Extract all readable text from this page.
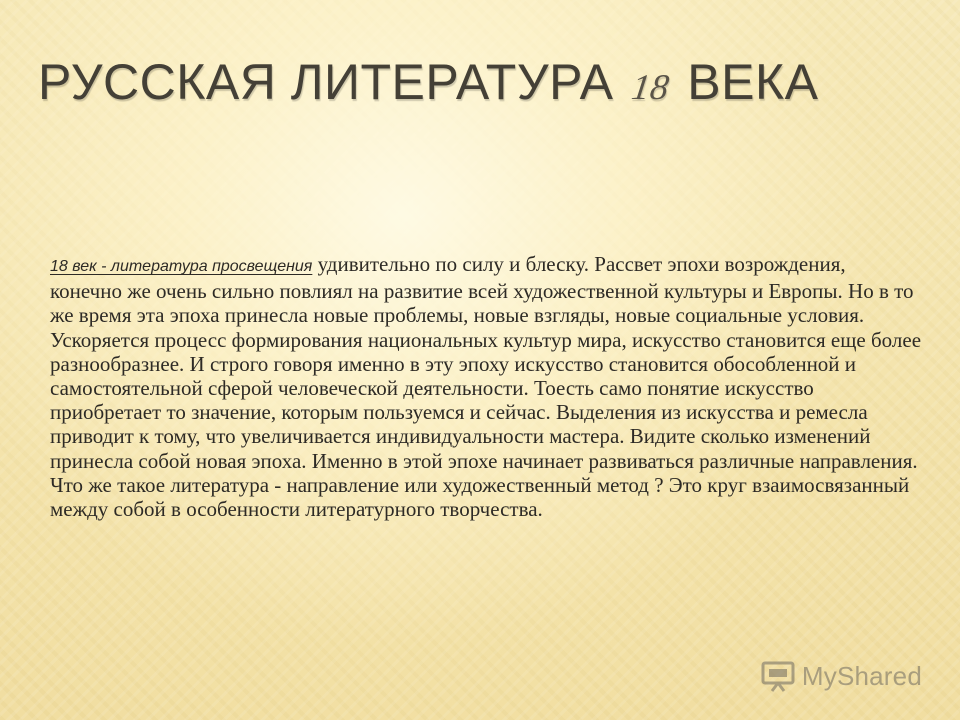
РУССКАЯ ЛИТЕРАТУРА 18 ВЕКА

18 век - литература просвещения удивительно по силу и блеску. Рассвет эпохи возрождения, конечно же очень сильно повлиял на развитие всей художественной культуры и Европы. Но в то же время эта эпоха принесла новые проблемы, новые взгляды, новые социальные условия. Ускоряется процесс формирования национальных культур мира, искусство становится еще более разнообразнее. И строго говоря именно в эту эпоху искусство становится обособленной и самостоятельной сферой человеческой деятельности. Тоесть само понятие искусство приобретает то значение, которым пользуемся и сейчас. Выделения из искусства и ремесла приводит к тому, что увеличивается индивидуальности мастера. Видите сколько изменений принесла собой новая эпоха. Именно в этой эпохе начинает развиваться различные направления. Что же такое литература - направление или художественный метод ? Это круг взаимосвязанный между собой в особенности литературного творчества.

MyShared
